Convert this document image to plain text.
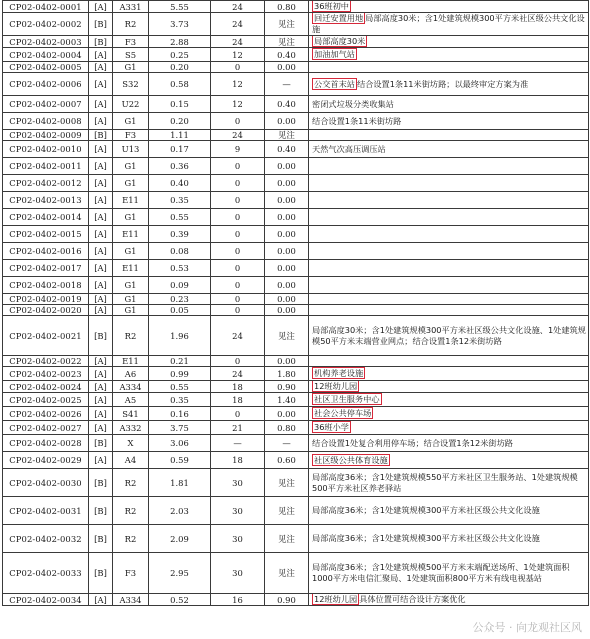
CP02-0402-0001	[A]	A331	5.55	24	0.80	36班初中
CP02-0402-0002	[B]	R2	3.73	24	见注	回迁安置用地 局部高度30米；含1处建筑规模300平方米社区级公共文化设施
CP02-0402-0003	[B]	F3	2.88	24	见注	局部高度30米
CP02-0402-0004	[A]	S5	0.25	12	0.40	加油加气站
CP02-0402-0005	[A]	G1	0.20	0	0.00	
CP02-0402-0006	[A]	S32	0.58	12	—	公交首末站 结合设置1条11米街坊路；以最终审定方案为准
CP02-0402-0007	[A]	U22	0.15	12	0.40	密闭式垃圾分类收集站
CP02-0402-0008	[A]	G1	0.20	0	0.00	结合设置1条11米街坊路
CP02-0402-0009	[B]	F3	1.11	24	见注	
CP02-0402-0010	[A]	U13	0.17	9	0.40	天然气次高压调压站
CP02-0402-0011	[A]	G1	0.36	0	0.00	
CP02-0402-0012	[A]	G1	0.40	0	0.00	
CP02-0402-0013	[A]	E11	0.35	0	0.00	
CP02-0402-0014	[A]	G1	0.55	0	0.00	
CP02-0402-0015	[A]	E11	0.39	0	0.00	
CP02-0402-0016	[A]	G1	0.08	0	0.00	
CP02-0402-0017	[A]	E11	0.53	0	0.00	
CP02-0402-0018	[A]	G1	0.09	0	0.00	
CP02-0402-0019	[A]	G1	0.23	0	0.00	
CP02-0402-0020	[A]	G1	0.05	0	0.00	
CP02-0402-0021	[B]	R2	1.96	24	见注	局部高度30米；含1处建筑规模300平方米社区级公共文化设施、1处建筑规模50平方米末端营业网点；结合设置1条12米街坊路
CP02-0402-0022	[A]	E11	0.21	0	0.00	
CP02-0402-0023	[A]	A6	0.99	24	1.80	机构养老设施
CP02-0402-0024	[A]	A334	0.55	18	0.90	12班幼儿园
CP02-0402-0025	[A]	A5	0.35	18	1.40	社区卫生服务中心
CP02-0402-0026	[A]	S41	0.16	0	0.00	社会公共停车场
CP02-0402-0027	[A]	A332	3.75	21	0.80	36班小学
CP02-0402-0028	[B]	X	3.06	—	—	结合设置1处复合利用停车场；结合设置1条12米街坊路
CP02-0402-0029	[A]	A4	0.59	18	0.60	社区级公共体育设施
CP02-0402-0030	[B]	R2	1.81	30	见注	局部高度36米；含1处建筑规模550平方米社区卫生服务站、1处建筑规模500平方米社区养老驿站
CP02-0402-0031	[B]	R2	2.03	30	见注	局部高度36米；含1处建筑规模300平方米社区级公共文化设施
CP02-0402-0032	[B]	R2	2.09	30	见注	局部高度36米；含1处建筑规模300平方米社区级公共文化设施
CP02-0402-0033	[B]	F3	2.95	30	见注	局部高度36米；含1处建筑规模500平方米末端配送场所、1处建筑面积1000平方米电信汇聚局、1处建筑面积800平方米有线电视基站
CP02-0402-0034	[A]	A334	0.52	16	0.90	12班幼儿园 具体位置可结合设计方案优化
公众号 · 向龙观社区风
